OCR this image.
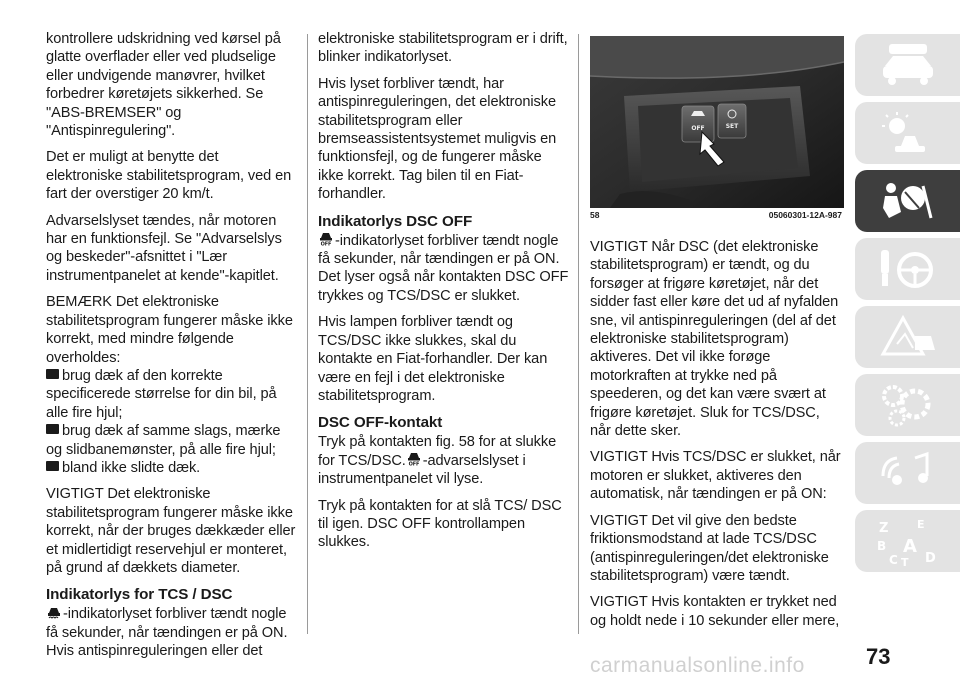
kontrollere udskridning ved kørsel på glatte overflader eller ved pludselige eller undvigende manøvrer, hvilket forbedrer køretøjets sikkerhed. Se "ABS-BREMSER" og "Antispinregulering".

Det er muligt at benytte det elektroniske stabilitetsprogram, ved en fart der overstiger 20 km/t.

Advarselslyset tændes, når motoren har en funktionsfejl. Se "Advarselslys og beskeder"-afsnittet i "Lær instrumentpanelet at kende"-kapitlet.

BEMÆRK Det elektroniske stabilitetsprogram fungerer måske ikke korrekt, med mindre følgende overholdes:

brug dæk af den korrekte specificerede størrelse for din bil, på alle fire hjul;
brug dæk af samme slags, mærke og slidbanemønster, på alle fire hjul;
bland ikke slidte dæk.

VIGTIGT Det elektroniske stabilitetsprogram fungerer måske ikke korrekt, når der bruges dækkæder eller et midlertidigt reservehjul er monteret, på grund af dækkets diameter.

Indikatorlys for TCS / DSC

-indikatorlyset forbliver tændt nogle få sekunder, når tændingen er på ON. Hvis antispinreguleringen eller det

elektroniske stabilitetsprogram er i drift, blinker indikatorlyset.

Hvis lyset forbliver tændt, har antispinreguleringen, det elektroniske stabilitetsprogram eller bremseassistentsystemet muligvis en funktionsfejl, og de fungerer måske ikke korrekt. Tag bilen til en Fiat-forhandler.

Indikatorlys DSC OFF

OFF -indikatorlyset forbliver tændt nogle få sekunder, når tændingen er på ON. Det lyser også når kontakten DSC OFF trykkes og TCS/DSC er slukket.

Hvis lampen forbliver tændt og TCS/DSC ikke slukkes, skal du kontakte en Fiat-forhandler. Der kan være en fejl i det elektroniske stabilitetsprogram.

DSC OFF-kontakt

Tryk på kontakten fig. 58 for at slukke for TCS/DSC. OFF -advarselslyset i instrumentpanelet vil lyse.

Tryk på kontakten for at slå TCS/ DSC til igen. DSC OFF kontrollampen slukkes.

OFF	SET
58	05060301-12A-987

VIGTIGT Når DSC (det elektroniske stabilitetsprogram) er tændt, og du forsøger at frigøre køretøjet, når det sidder fast eller køre det ud af nyfalden sne, vil antispinreguleringen (del af det elektroniske stabilitetsprogram) aktiveres. Det vil ikke forøge motorkraften at trykke ned på speederen, og det kan være svært at frigøre køretøjet. Sluk for TCS/DSC, når dette sker.

VIGTIGT Hvis TCS/DSC er slukket, når motoren er slukket, aktiveres den automatisk, når tændingen er på ON:

VIGTIGT Det vil give den bedste friktionsmodstand at lade TCS/DSC (antispinreguleringen/det elektroniske stabilitetsprogram) være tændt.

VIGTIGT Hvis kontakten er trykket ned og holdt nede i 10 sekunder eller mere,

Z	E
B A
C T D
73
carmanualsonline.info
